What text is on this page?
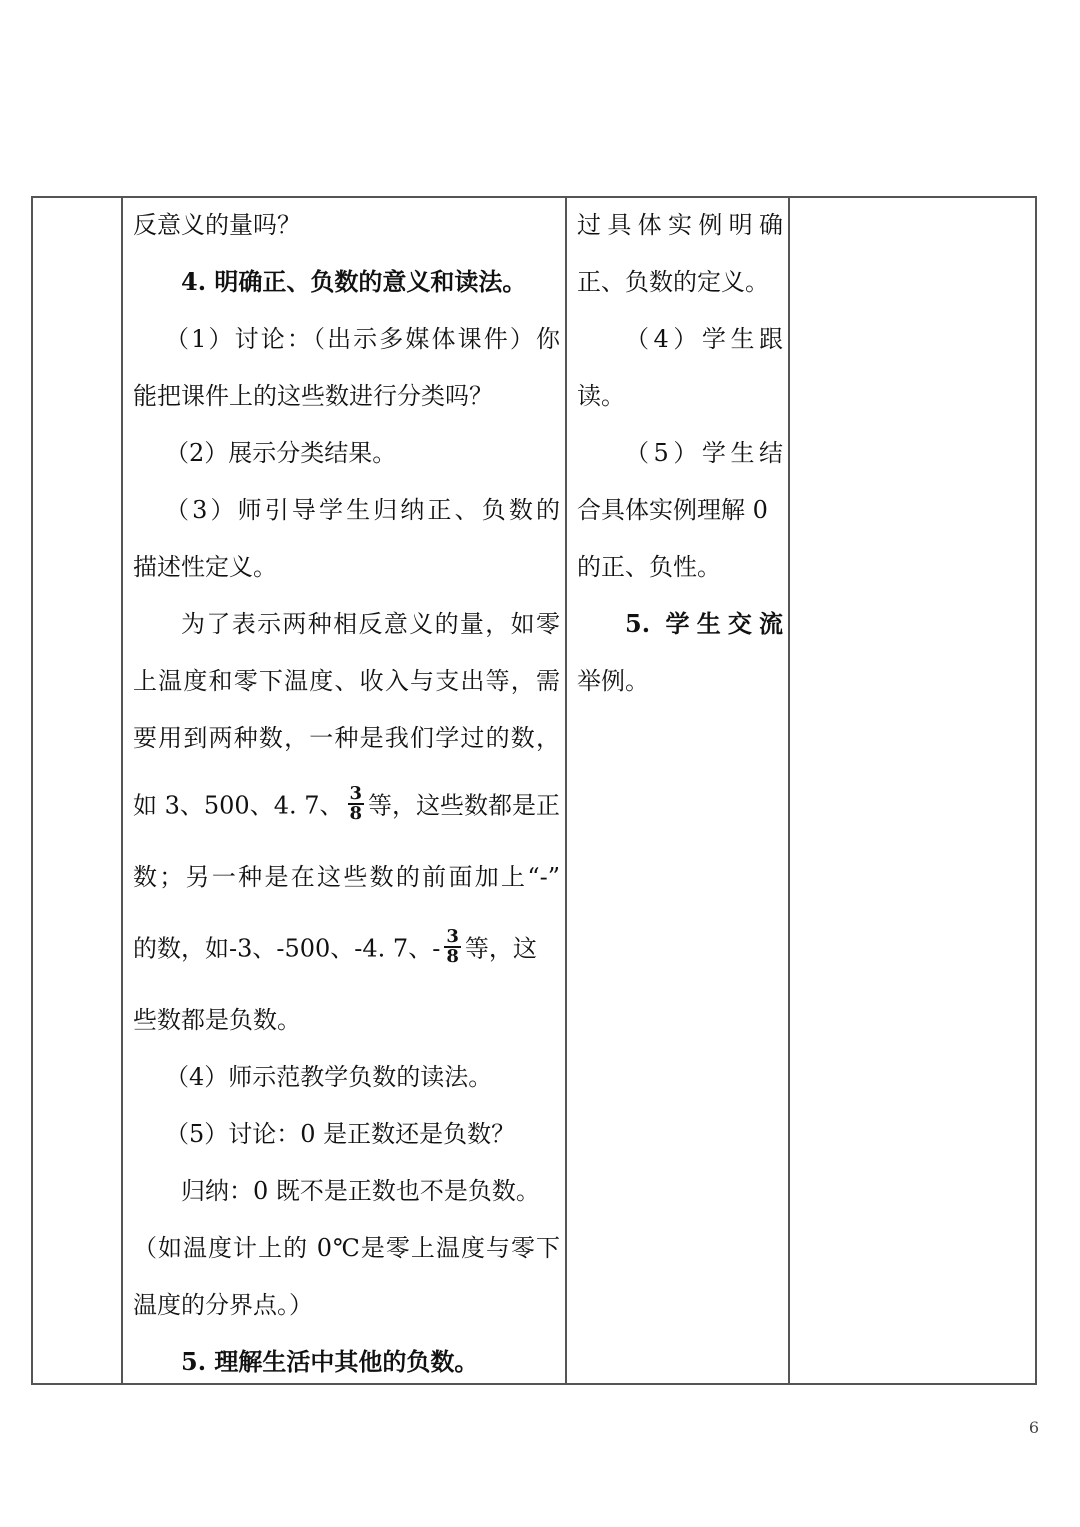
反意义的量吗？
4. 明确正、负数的意义和读法。
（1）讨论：（出示多媒体课件）你
能把课件上的这些数进行分类吗？
（2）展示分类结果。
（3）师引导学生归纳正、负数的
描述性定义。
为了表示两种相反意义的量，如零
上温度和零下温度、收入与支出等，需
要用到两种数，一种是我们学过的数，
如 3、500、4. 7、 $\frac{3}{8}$ 等，这些数都是正
数；另一种是在这些数的前面加上“-”
的数，如-3、-500、-4. 7、- $\frac{3}{8}$ 等，这
些数都是负数。
（4）师示范教学负数的读法。
（5）讨论：0 是正数还是负数？
归纳：0 既不是正数也不是负数。
（如温度计上的 0℃是零上温度与零下
温度的分界点。）
5. 理解生活中其他的负数。
过具体实例明确
正、负数的定义。
（4）学生跟
读。
（5）学生结
合具体实例理解 0
的正、负性。
5. 学生交流
举例。
6
